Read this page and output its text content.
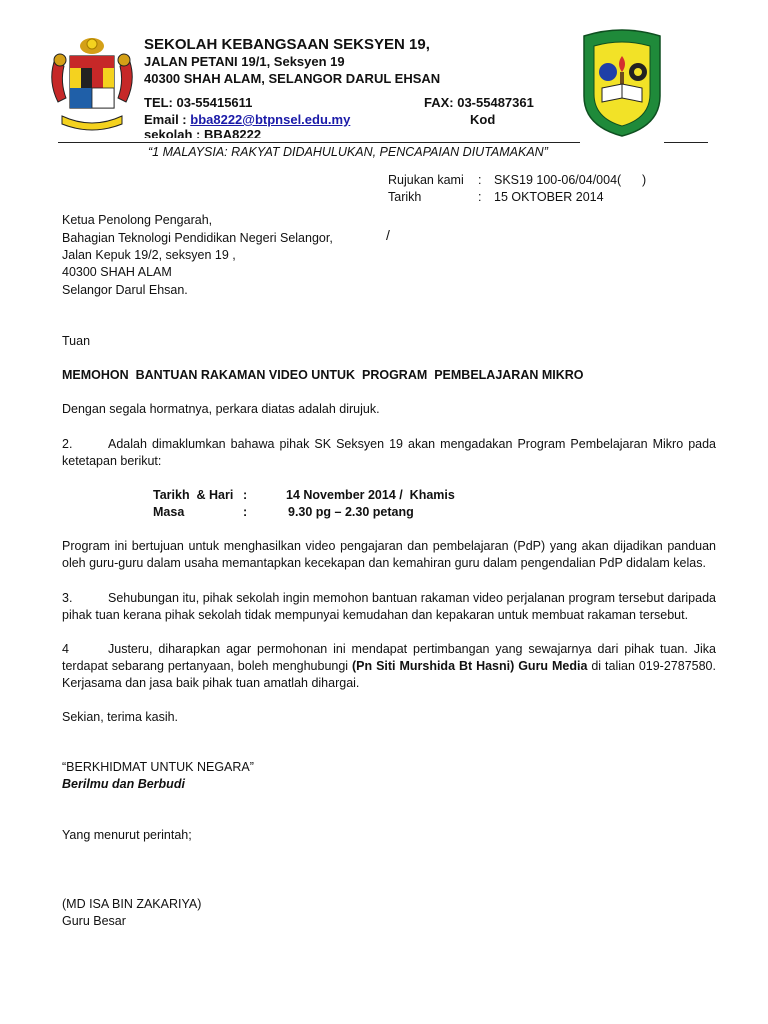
SEKOLAH KEBANGSAAN SEKSYEN 19,
JALAN PETANI 19/1, Seksyen 19
40300 SHAH ALAM, SELANGOR DARUL EHSAN
TEL: 03-55415611	FAX: 03-55487361
Email : bba8222@btpnsel.edu.my	Kod
sekolah : BBA8222
“1 MALAYSIA: RAKYAT DIDAHULUKAN, PENCAPAIAN DIUTAMAKAN”
Rujukan kami : SKS19 100-06/04/004(      )
Tarikh	: 15 OKTOBER 2014
/
Ketua Penolong Pengarah,
Bahagian Teknologi Pendidikan Negeri Selangor,
Jalan Kepuk 19/2, seksyen 19 ,
40300 SHAH ALAM
Selangor Darul Ehsan.
Tuan
MEMOHON  BANTUAN RAKAMAN VIDEO UNTUK  PROGRAM  PEMBELAJARAN MIKRO
Dengan segala hormatnya, perkara diatas adalah dirujuk.
2.	Adalah dimaklumkan bahawa pihak SK Seksyen 19 akan mengadakan Program Pembelajaran Mikro pada ketetapan berikut:
Tarikh  & Hari :	14 November 2014 /  Khamis
Masa	:	9.30 pg – 2.30 petang
Program ini bertujuan untuk menghasilkan video pengajaran dan pembelajaran (PdP) yang akan dijadikan panduan oleh guru-guru dalam usaha memantapkan kecekapan dan kemahiran guru dalam pengendalian PdP didalam kelas.
3.	Sehubungan itu, pihak sekolah ingin memohon bantuan rakaman video perjalanan program tersebut daripada pihak tuan kerana pihak sekolah tidak mempunyai kemudahan dan kepakaran untuk membuat rakaman tersebut.
4	Justeru, diharapkan agar permohonan ini mendapat pertimbangan yang sewajarnya dari pihak tuan. Jika terdapat sebarang pertanyaan, boleh menghubungi (Pn Siti Murshida Bt Hasni) Guru Media di talian 019-2787580. Kerjasama dan jasa baik pihak tuan amatlah dihargai.
Sekian, terima kasih.
“BERKHIDMAT UNTUK NEGARA”
Berilmu dan Berbudi
Yang menurut perintah;
(MD ISA BIN ZAKARIYA)
Guru Besar
